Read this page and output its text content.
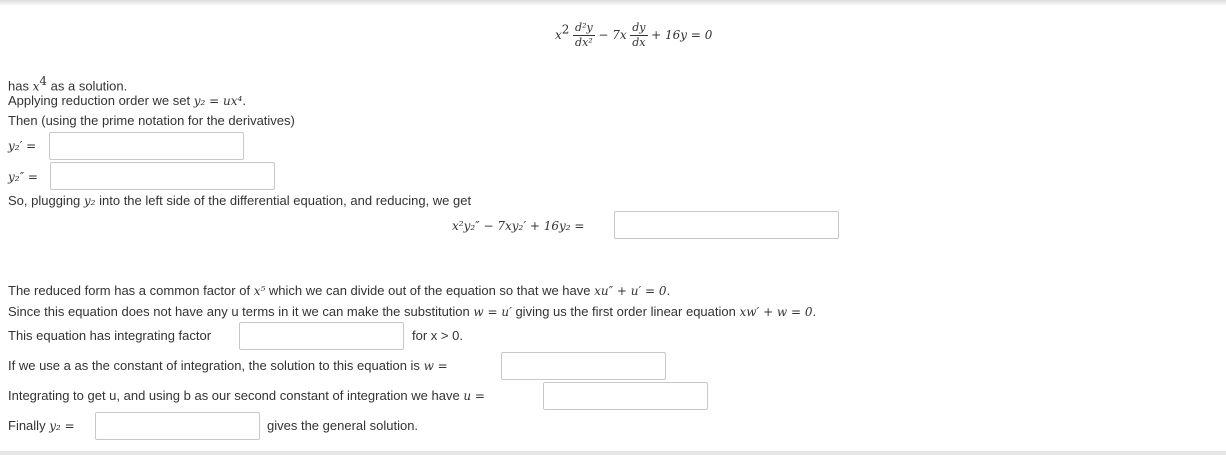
$x^2 \frac{\text{d²y}}{\text{dx²}} - 7x \frac{dy}{dx} + 16y = 0$
has $x^4$ as a solution.
Applying reduction order we set y₂ = ux⁴.
Then (using the prime notation for the derivatives)
y₂′ =
y₂″ =
So, plugging y₂ into the left side of the differential equation, and reducing, we get
x²y₂″ − 7xy₂′ + 16y₂ =
The reduced form has a common factor of x⁵ which we can divide out of the equation so that we have xu″ + u′ = 0.
Since this equation does not have any u terms in it we can make the substitution w = u′ giving us the first order linear equation xw′ + w = 0.
This equation has integrating factor	for x > 0.
If we use a as the constant of integration, the solution to this equation is w =
Integrating to get u, and using b as our second constant of integration we have u =
Finally y₂ =	gives the general solution.
